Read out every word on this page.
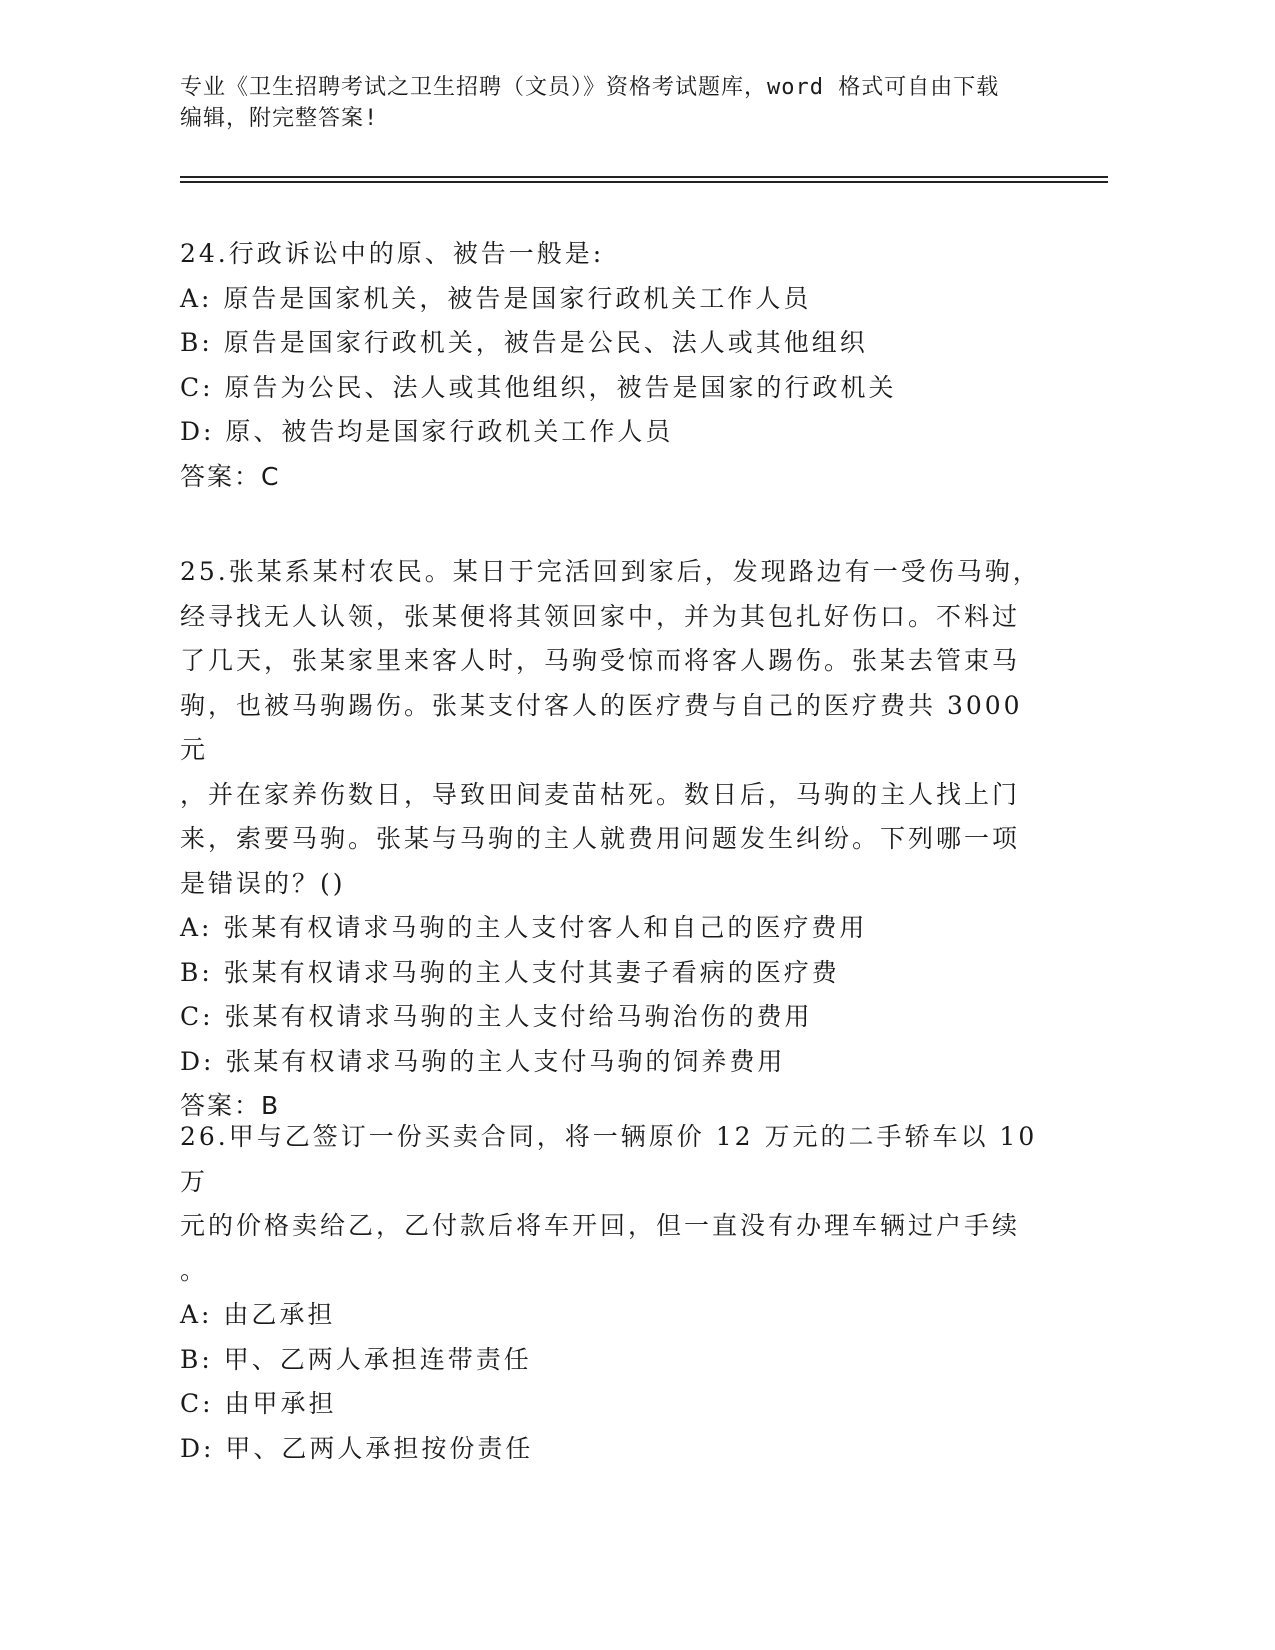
专业《卫生招聘考试之卫生招聘（文员）》资格考试题库，word 格式可自由下载
编辑，附完整答案!

24.行政诉讼中的原、被告一般是:

A: 原告是国家机关，被告是国家行政机关工作人员

B: 原告是国家行政机关，被告是公民、法人或其他组织

C: 原告为公民、法人或其他组织，被告是国家的行政机关

D: 原、被告均是国家行政机关工作人员

答案：C

25.张某系某村农民。某日于完活回到家后，发现路边有一受伤马驹，

经寻找无人认领，张某便将其领回家中，并为其包扎好伤口。不料过

了几天，张某家里来客人时，马驹受惊而将客人踢伤。张某去管束马

驹，也被马驹踢伤。张某支付客人的医疗费与自己的医疗费共 3000 元

，并在家养伤数日，导致田间麦苗枯死。数日后，马驹的主人找上门

来，索要马驹。张某与马驹的主人就费用问题发生纠纷。下列哪一项

是错误的？()

A: 张某有权请求马驹的主人支付客人和自己的医疗费用

B: 张某有权请求马驹的主人支付其妻子看病的医疗费

C: 张某有权请求马驹的主人支付给马驹治伤的费用

D: 张某有权请求马驹的主人支付马驹的饲养费用

答案：B

26.甲与乙签订一份买卖合同，将一辆原价 12 万元的二手轿车以 10 万

元的价格卖给乙，乙付款后将车开回，但一直没有办理车辆过户手续

。

A: 由乙承担

B: 甲、乙两人承担连带责任

C: 由甲承担

D: 甲、乙两人承担按份责任
